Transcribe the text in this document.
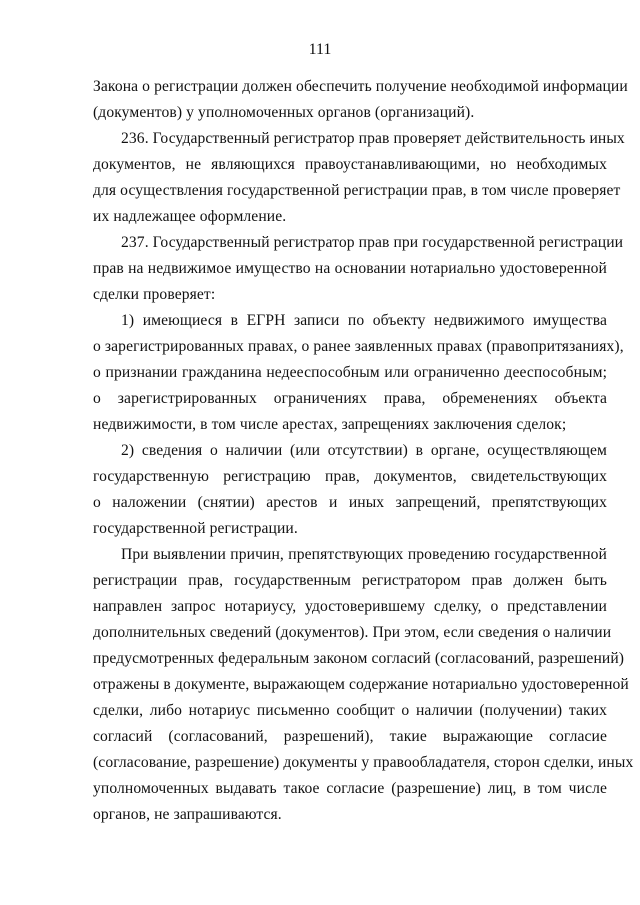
111
Закона о регистрации должен обеспечить получение необходимой информации
(документов) у уполномоченных органов (организаций).
236. Государственный регистратор прав проверяет действительность иных
документов, не являющихся правоустанавливающими, но необходимых
для осуществления государственной регистрации прав, в том числе проверяет
их надлежащее оформление.
237. Государственный регистратор прав при государственной регистрации
прав на недвижимое имущество на основании нотариально удостоверенной
сделки проверяет:
1) имеющиеся в ЕГРН записи по объекту недвижимого имущества
о зарегистрированных правах, о ранее заявленных правах (правопритязаниях),
о признании гражданина недееспособным или ограниченно дееспособным;
о зарегистрированных ограничениях права, обременениях объекта
недвижимости, в том числе арестах, запрещениях заключения сделок;
2) сведения о наличии (или отсутствии) в органе, осуществляющем
государственную регистрацию прав, документов, свидетельствующих
о наложении (снятии) арестов и иных запрещений, препятствующих
государственной регистрации.
При выявлении причин, препятствующих проведению государственной
регистрации прав, государственным регистратором прав должен быть
направлен запрос нотариусу, удостоверившему сделку, о представлении
дополнительных сведений (документов). При этом, если сведения о наличии
предусмотренных федеральным законом согласий (согласований, разрешений)
отражены в документе, выражающем содержание нотариально удостоверенной
сделки, либо нотариус письменно сообщит о наличии (получении) таких
согласий (согласований, разрешений), такие выражающие согласие
(согласование, разрешение) документы у правообладателя, сторон сделки, иных
уполномоченных выдавать такое согласие (разрешение) лиц, в том числе
органов, не запрашиваются.
